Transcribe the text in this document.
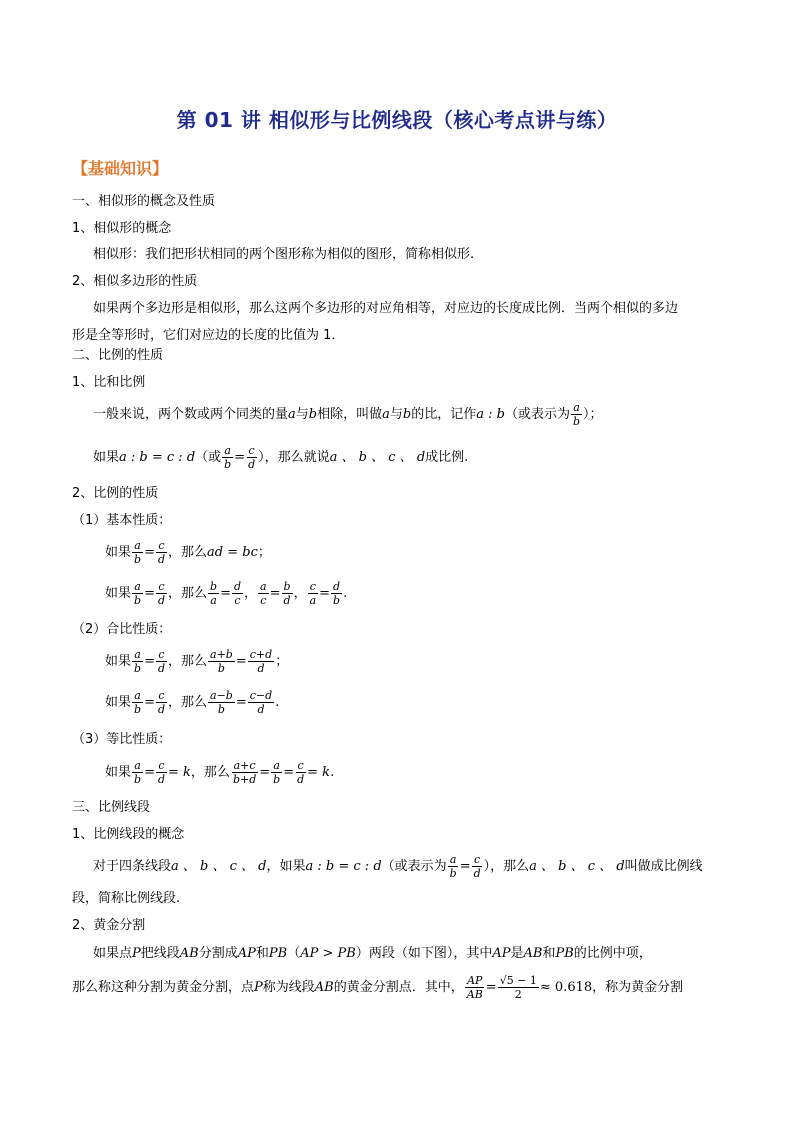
第 01 讲 相似形与比例线段（核心考点讲与练）
【基础知识】
一、相似形的概念及性质
1、相似形的概念
相似形：我们把形状相同的两个图形称为相似的图形，简称相似形.
2、相似多边形的性质
如果两个多边形是相似形，那么这两个多边形的对应角相等，对应边的长度成比例．当两个相似的多边
形是全等形时，它们对应边的长度的比值为 1．
二、比例的性质
1、比和比例
一般来说，两个数或两个同类的量a与b相除，叫做a与b的比，记作a : b（或表示为 $\frac{a}{b}$ ）；
如果a : b = c : d（或 $\frac{a}{b} = \frac{c}{d}$ ），那么就说a 、 b 、 c 、 d成比例.
2、比例的性质
（1）基本性质：
如果 $\frac{a}{b} = \frac{c}{d}$ ，那么ad = bc；
如果 $\frac{a}{b} = \frac{c}{d}$ ，那么 $\frac{b}{a} = \frac{d}{c}$ ， $\frac{a}{c} = \frac{b}{d}$ ， $\frac{c}{a} = \frac{d}{b}$ .
（2）合比性质：
如果 $\frac{a}{b} = \frac{c}{d}$ ，那么 $\frac{a+b}{b} = \frac{c+d}{d}$ ；
如果 $\frac{a}{b} = \frac{c}{d}$ ，那么 $\frac{a-b}{b} = \frac{c-d}{d}$ .
（3）等比性质：
如果 $\frac{a}{b} = \frac{c}{d} = k$，那么 $\frac{a+c}{b+d} = \frac{a}{b} = \frac{c}{d} = k$.
三、比例线段
1、比例线段的概念
对于四条线段a 、 b 、 c 、 d，如果a : b = c : d（或表示为 $\frac{a}{b} = \frac{c}{d}$ ），那么a 、 b 、 c 、 d叫做成比例线
段，简称比例线段.
2、黄金分割
如果点P把线段AB分割成AP和PB（AP > PB）两段（如下图），其中AP是AB和PB的比例中项，
那么称这种分割为黄金分割，点P称为线段AB的黄金分割点．其中， $\frac{AP}{AB} = \frac{√5 - 1}{2} \approx 0.618$，称为黄金分割
